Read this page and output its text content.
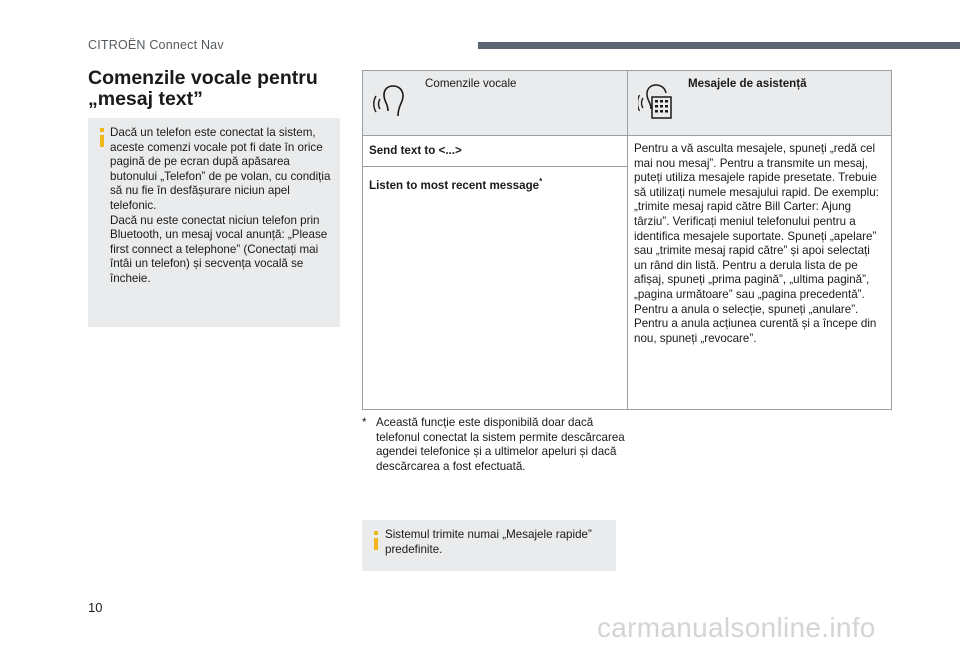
CITROËN Connect Nav
Comenzile vocale pentru
„mesaj text”

Dacă un telefon este conectat la sistem, aceste comenzi vocale pot fi date în orice pagină de pe ecran după apăsarea butonului „Telefon” de pe volan, cu condiția să nu fie în desfășurare niciun apel telefonic.
Dacă nu este conectat niciun telefon prin Bluetooth, un mesaj vocal anunță: „Please first connect a telephone” (Conectați mai întâi un telefon) și secvența vocală se încheie.

Comenzile vocale	Mesajele de asistență

Send text to <...>	Pentru a vă asculta mesajele, spuneți „redă cel mai nou mesaj”. Pentru a transmite un mesaj, puteți utiliza mesajele rapide presetate. Trebuie să utilizați numele mesajului rapid. De exemplu: „trimite mesaj rapid către Bill Carter: Ajung târziu”. Verificați meniul telefonului pentru a identifica mesajele suportate. Spuneți „apelare” sau „trimite mesaj rapid către” și apoi selectați un rând din listă. Pentru a derula lista de pe afișaj, spuneți „prima pagină”, „ultima pagină”, „pagina următoare” sau „pagina precedentă”. Pentru a anula o selecție, spuneți „anulare”. Pentru a anula acțiunea curentă și a începe din nou, spuneți „revocare”.
Listen to most recent message*
* Această funcție este disponibilă doar dacă telefonul conectat la sistem permite descărcarea agendei telefonice și a ultimelor apeluri și dacă descărcarea a fost efectuată.

Sistemul trimite numai „Mesajele rapide” predefinite.

10
carmanualsonline.info
